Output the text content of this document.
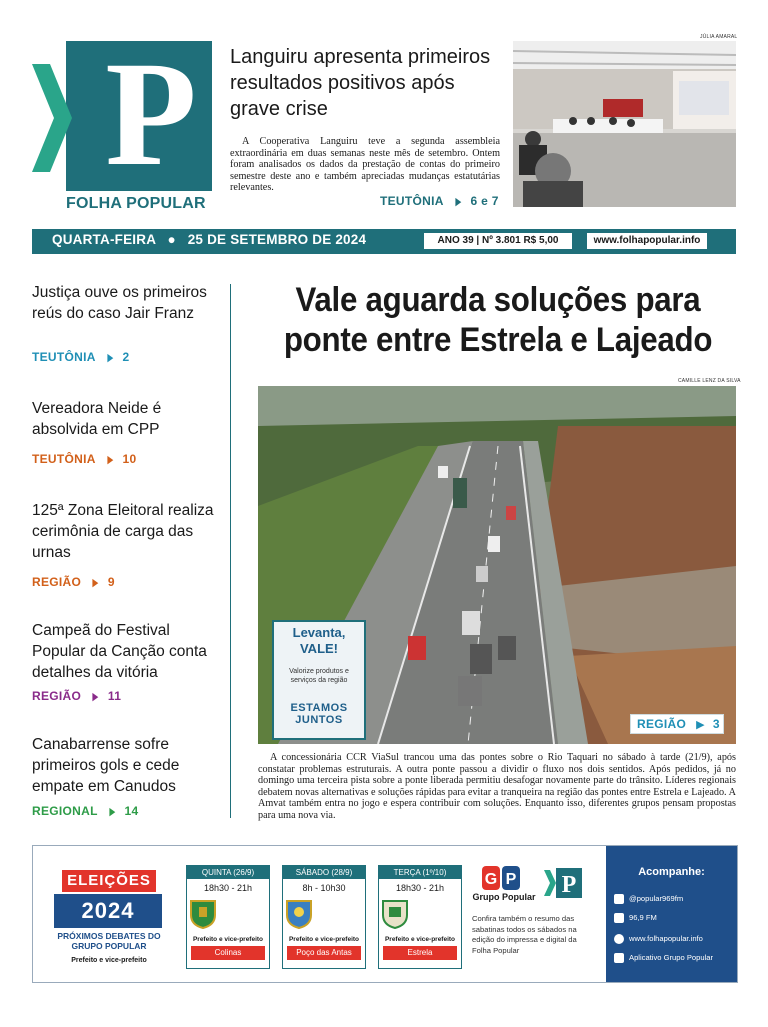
P
FOLHA POPULAR
Languiru apresenta primeiros resultados positivos após grave crise
A Cooperativa Languiru teve a segunda assembleia extraordinária em duas semanas neste mês de setembro. Ontem foram analisados os dados da prestação de contas do primeiro semestre deste ano e também apreciadas mudanças estatutárias relevantes.
TEUTÔNIA ▶ 6 e 7
JÚLIA AMARAL
QUARTA-FEIRA   ●   25 DE SETEMBRO DE 2024	ANO 39 | Nº 3.801 R$ 5,00	www.folhapopular.info
Justiça ouve os primeiros reús do caso Jair Franz
TEUTÔNIA ▶ 2
Vereadora Neide é absolvida em CPP
TEUTÔNIA ▶ 10
125ª Zona Eleitoral realiza cerimônia de carga das urnas
REGIÃO ▶ 9
Campeã do Festival Popular da Canção conta detalhes da vitória
REGIÃO ▶ 11
Canabarrense sofre primeiros gols e cede empate em Canudos
REGIONAL ▶ 14
Vale aguarda soluções para ponte entre Estrela e Lajeado
CAMILLE LENZ DA SILVA
Levanta, VALE!
Valorize produtos e serviços da região
ESTAMOS JUNTOS	REGIÃO ▶ 3
A concessionária CCR ViaSul trancou uma das pontes sobre o Rio Taquari no sábado à tarde (21/9), após constatar problemas estruturais. A outra ponte passou a dividir o fluxo nos dois sentidos. Após pedidos, já no domingo uma terceira pista sobre a ponte liberada permitiu desafogar novamente parte do trânsito. Líderes regionais debatem novas alternativas e soluções rápidas para evitar a tranqueira na região das pontes entre Estrela e Lajeado. A Amvat também entra no jogo e espera contribuir com soluções. Enquanto isso, diferentes grupos pensam propostas para uma nova via.
ELEIÇÕES
2024
PRÓXIMOS DEBATES DO GRUPO POPULAR
Prefeito e vice-prefeito
QUINTA (26/9)
18h30 - 21h
Prefeito e vice-prefeito
Colinas
SÁBADO (28/9)
8h - 10h30
Prefeito e vice-prefeito
Poço das Antas
TERÇA (1º/10)
18h30 - 21h
Prefeito e vice-prefeito
Estrela
G P
Grupo Popular P
Confira também o resumo das sabatinas todos os sábados na edição do impressa e digital da Folha Popular
Acompanhe:
@popular969fm
96,9 FM
www.folhapopular.info
Aplicativo Grupo Popular
